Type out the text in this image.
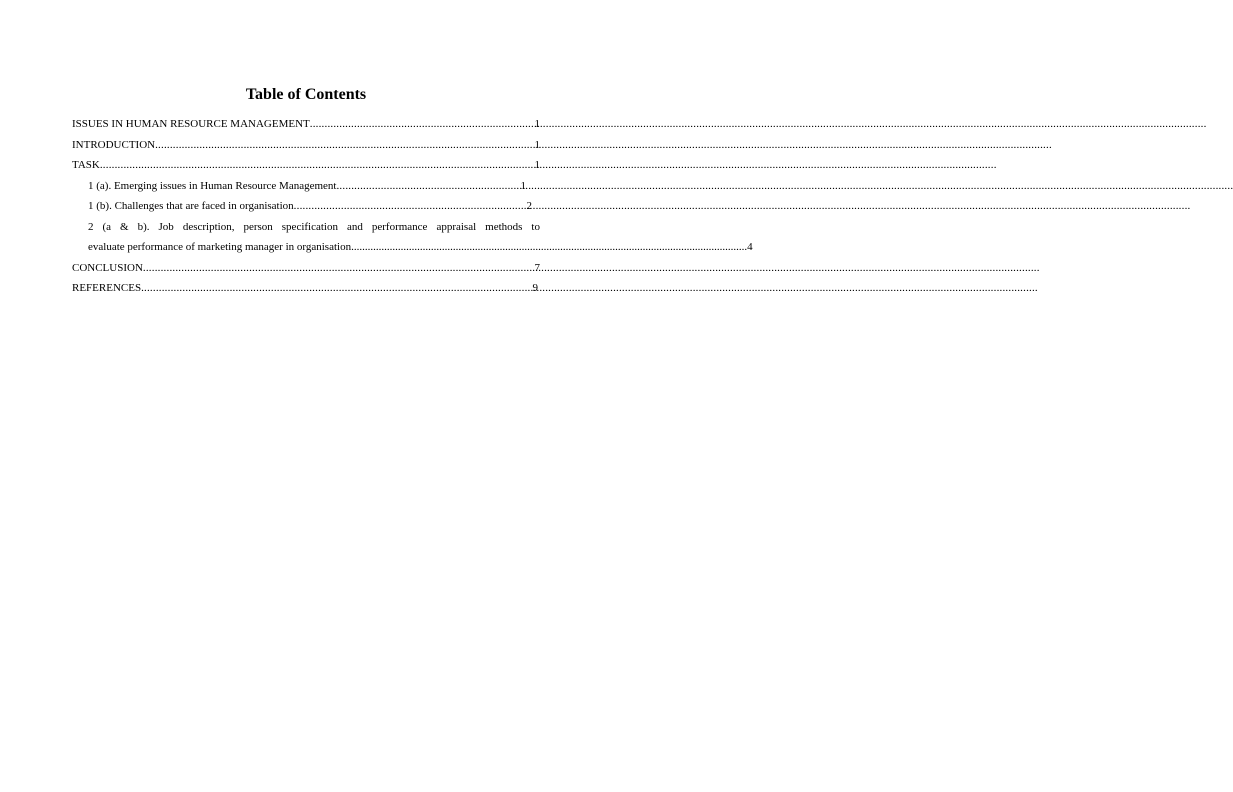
Table of Contents
ISSUES IN HUMAN RESOURCE MANAGEMENT .....	1
INTRODUCTION .....	1
TASK .....	1
1 (a). Emerging issues in Human Resource Management .....	1
1 (b). Challenges that are faced in organisation .....	2
2 (a & b). Job description, person specification and performance appraisal methods to
evaluate performance of marketing manager in organisation ................................................................................................................................................ 4
CONCLUSION .....	7
REFERENCES .....	9
